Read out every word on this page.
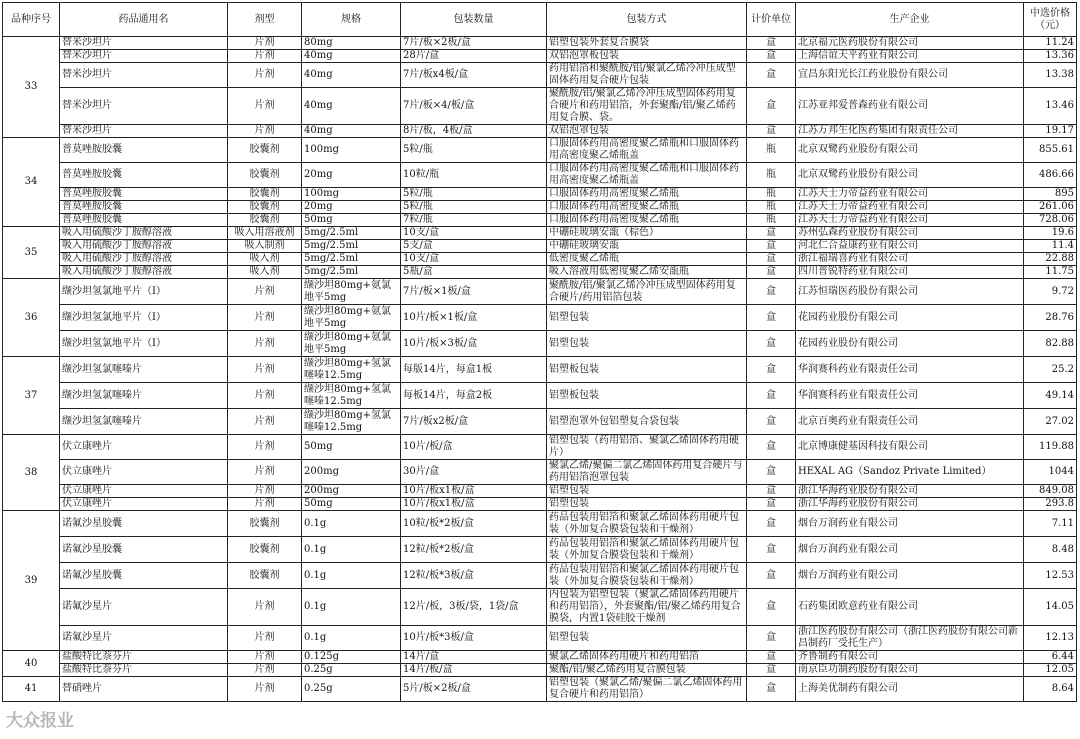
品种序号	药品通用名	剂型	规格	包装数量	包装方式	计价单位	生产企业	中选价格（元）
33	替米沙坦片	片剂	80mg	7片/板×2板/盒	铝塑包装外套复合膜袋	盒	北京福元医药股份有限公司	11.24
	替米沙坦片	片剂	40mg	28片/盒	双铝泡罩板包装	盒	上海信谊天平药业有限公司	13.36
	替米沙坦片	片剂	40mg	7片/板x4板/盒	药用铝箔和聚酰胺/铝/聚氯乙烯冷冲压成型固体药用复合硬片包装	盒	宜昌东阳光长江药业股份有限公司	13.38
	替米沙坦片	片剂	40mg	7片/板×4/板/盒	聚酰胺/铝/聚氯乙烯冷冲压成型固体药用复合硬片和药用铝箔，外套聚酯/铝/聚乙烯药用复合膜、袋。	盒	江苏亚邦爱普森药业有限公司	13.46
	替米沙坦片	片剂	40mg	8片/板，4板/盒	双铝泡罩包装	盒	江苏万邦生化医药集团有限责任公司	19.17
34	普莫唑胺胶囊	胶囊剂	100mg	5粒/瓶	口服固体药用高密度聚乙烯瓶和口服固体药用高密度聚乙烯瓶盖	瓶	北京双鹭药业股份有限公司	855.61
	普莫唑胺胶囊	胶囊剂	20mg	10粒/瓶	口服固体药用高密度聚乙烯瓶和口服固体药用高密度聚乙烯瓶盖	瓶	北京双鹭药业股份有限公司	486.66
	普莫唑胺胶囊	胶囊剂	100mg	5粒/瓶	口服固体药用高密度聚乙烯瓶	瓶	江苏天士力帝益药业有限公司	895
	普莫唑胺胶囊	胶囊剂	20mg	5粒/瓶	口服固体药用高密度聚乙烯瓶	瓶	江苏天士力帝益药业有限公司	261.06
	普莫唑胺胶囊	胶囊剂	50mg	7粒/瓶	口服固体药用高密度聚乙烯瓶	瓶	江苏天士力帝益药业有限公司	728.06
35	吸入用硫酸沙丁胺醇溶液	吸入用溶液剂	5mg/2.5ml	10支/盒	中硼硅玻璃安瓿（棕色）	盒	苏州弘森药业股份有限公司	19.6
	吸入用硫酸沙丁胺醇溶液	吸入制剂	5mg/2.5ml	5支/盒	中硼硅玻璃安瓿	盒	河北仁合益康药业有限公司	11.4
	吸入用硫酸沙丁胺醇溶液	吸入剂	5mg/2.5ml	10支/盒	低密度聚乙烯瓶	盒	浙江福瑞喜药业有限公司	22.88
	吸入用硫酸沙丁胺醇溶液	吸入剂	5mg/2.5ml	5瓶/盒	吸入溶液用低密度聚乙烯安瓿瓶	盒	四川普锐特药业有限公司	11.75
36	缬沙坦氢氯地平片（Ⅰ）	片剂	缬沙坦80mg+氨氯地平5mg	7片/板×1板/盒	聚酰胺/铝/聚氯乙烯冷冲压成型固体药用复合硬片/药用铝箔包装	盒	江苏恒瑞医药股份有限公司	9.72
	缬沙坦氢氯地平片（Ⅰ）	片剂	缬沙坦80mg+氨氯地平5mg	10片/板×1板/盒	铝塑包装	盒	花园药业股份有限公司	28.76
	缬沙坦氢氯地平片（Ⅰ）	片剂	缬沙坦80mg+氨氯地平5mg	10片/板×3板/盒	铝塑包装	盒	花园药业股份有限公司	82.88
37	缬沙坦氢氯噻嗪片	片剂	缬沙坦80mg+氢氯噻嗪12.5mg	每版14片，每盒1板	铝塑板包装	盒	华润赛科药业有限责任公司	25.2
	缬沙坦氢氯噻嗪片	片剂	缬沙坦80mg+氢氯噻嗪12.5mg	每板14片，每盒2板	铝塑板包装	盒	华润赛科药业有限责任公司	49.14
	缬沙坦氢氯噻嗪片	片剂	缬沙坦80mg+氢氯噻嗪12.5mg	7片/板x2板/盒	铝塑泡罩外包铝塑复合袋包装	盒	北京百奥药业有限责任公司	27.02
38	伏立康唑片	片剂	50mg	10片/板/盒	铝塑包装（药用铝箔、聚氯乙烯固体药用硬片）	盒	北京博康健基因科技有限公司	119.88
	伏立康唑片	片剂	200mg	30片/盒	聚氯乙烯/聚偏二氯乙烯固体药用复合硬片与药用铝箔泡罩包装	盒	HEXAL AG（Sandoz Private Limited）	1044
	伏立康唑片	片剂	200mg	10片/板x1板/盒	铝塑包装	盒	浙江华海药业股份有限公司	849.08
	伏立康唑片	片剂	50mg	10片/板x1板/盒	铝塑包装	盒	浙江华海药业股份有限公司	293.8
39	诺氟沙星胶囊	胶囊剂	0.1g	10粒/板*2板/盒	药品包装用铝箔和聚氯乙烯固体药用硬片包装（外加复合膜袋包装和干燥剂）	盒	烟台万润药业有限公司	7.11
	诺氟沙星胶囊	胶囊剂	0.1g	12粒/板*2板/盒	药品包装用铝箔和聚氯乙烯固体药用硬片包装（外加复合膜袋包装和干燥剂）	盒	烟台万润药业有限公司	8.48
	诺氟沙星胶囊	胶囊剂	0.1g	12粒/板*3板/盒	药品包装用铝箔和聚氯乙烯固体药用硬片包装（外加复合膜袋包装和干燥剂）	盒	烟台万润药业有限公司	12.53
	诺氟沙星片	片剂	0.1g	12片/板，3板/袋，1袋/盒	内包装为铝塑包装（聚氯乙烯固体药用硬片和药用铝箔），外套聚酯/铝/聚乙烯药用复合膜袋，内置1袋硅胶干燥剂	盒	石药集团欧意药业有限公司	14.05
	诺氟沙星片	片剂	0.1g	10片/板*3板/盒	铝塑包装	盒	浙江医药股份有限公司（浙江医药股份有限公司新昌制药厂受托生产）	12.13
40	盐酸特比萘芬片	片剂	0.125g	14片/盒	聚氯乙烯固体药用硬片和药用铝箔	盒	齐鲁制药有限公司	6.44
	盐酸特比萘芬片	片剂	0.25g	14片/板/盒	聚酯/铝/聚乙烯药用复合膜包装	盒	南京臣功制药股份有限公司	12.05
41	替硝唑片	片剂	0.25g	5片/板×2板/盒	铝塑包装（聚氯乙烯/聚偏二氯乙烯固体药用复合硬片和药用铝箔）	盒	上海美优制药有限公司	8.64
大众报业
